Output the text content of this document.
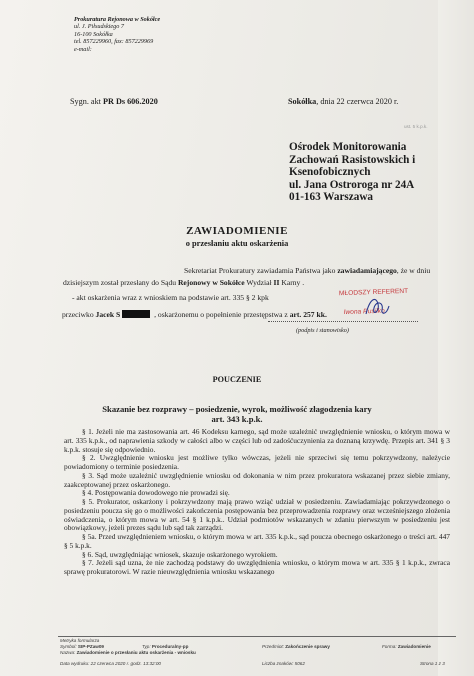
Prokuratura Rejonowa w Sokółce
ul. J. Piłsudskiego 7
16-100 Sokółka
tel. 857229960, fax: 857229969
e-mail:
Sygn. akt PR Ds 606.2020	Sokółka, dnia 22 czerwca 2020 r.
Ośrodek Monitorowania
Zachowań Rasistowskich i
Ksenofobicznych
ul. Jana Ostroroga nr 24A
01-163 Warszawa
ZAWIADOMIENIE
o przesłaniu aktu oskarżenia
Sekretariat Prokuratury zawiadamia Państwa jako zawiadamiającego, że w dniu
dzisiejszym został przesłany do Sądu Rejonowy w Sokółce Wydział II Karny .
- akt oskarżenia wraz z wnioskiem na podstawie art. 335 § 2 kpk
przeciwko Jacek S	, oskarżonemu o popełnienie przestępstwa z art. 257 kk.
MŁODSZY REFERENT
Iwona Rusiłko
(podpis i stanowisko)
POUCZENIE
Skazanie bez rozprawy – posiedzenie, wyrok, możliwość złagodzenia kary
art. 343 k.p.k.

§ 1. Jeżeli nie ma zastosowania art. 46 Kodeksu karnego, sąd może uzależnić uwzględnienie wniosku, o którym mowa w art. 335 k.p.k., od naprawienia szkody w całości albo w części lub od zadośćuczynienia za doznaną krzywdę. Przepis art. 341 § 3 k.p.k. stosuje się odpowiednio.

§ 2. Uwzględnienie wniosku jest możliwe tylko wówczas, jeżeli nie sprzeciwi się temu pokrzywdzony, należycie powiadomiony o terminie posiedzenia.

§ 3. Sąd może uzależnić uwzględnienie wniosku od dokonania w nim przez prokuratora wskazanej przez siebie zmiany, zaakceptowanej przez oskarżonego.

§ 4. Postępowania dowodowego nie prowadzi się.

§ 5. Prokurator, oskarżony i pokrzywdzony mają prawo wziąć udział w posiedzeniu. Zawiadamiając pokrzywdzonego o posiedzeniu poucza się go o możliwości zakończenia postępowania bez przeprowadzenia rozprawy oraz wcześniejszego złożenia oświadczenia, o którym mowa w art. 54 § 1 k.p.k.. Udział podmiotów wskazanych w zdaniu pierwszym w posiedzeniu jest obowiązkowy, jeżeli prezes sądu lub sąd tak zarządzi.

§ 5a. Przed uwzględnieniem wniosku, o którym mowa w art. 335 k.p.k., sąd poucza obecnego oskarżonego o treści art. 447 § 5 k.p.k.

§ 6. Sąd, uwzględniając wniosek, skazuje oskarżonego wyrokiem.

§ 7. Jeżeli sąd uzna, że nie zachodzą podstawy do uwzględnienia wniosku, o którym mowa w art. 335 § 1 k.p.k., zwraca sprawę prokuratorowi. W razie nieuwzględnienia wniosku wskazanego

Metryka formularza
Symbol: SIP-PZaw09	Typ: Proceduralny-pp	Przedmiot: Zakończenie sprawy	Forma: Zawiadomienie
Nazwa: Zawiadomienie o przesłaniu aktu oskarżenia - wniosku
Data wydruku: 22 czerwca 2020 r. godz. 13:32:00	Liczba znaków: 5062	Strona 1 z 3
ust. 5 k.p.k.
